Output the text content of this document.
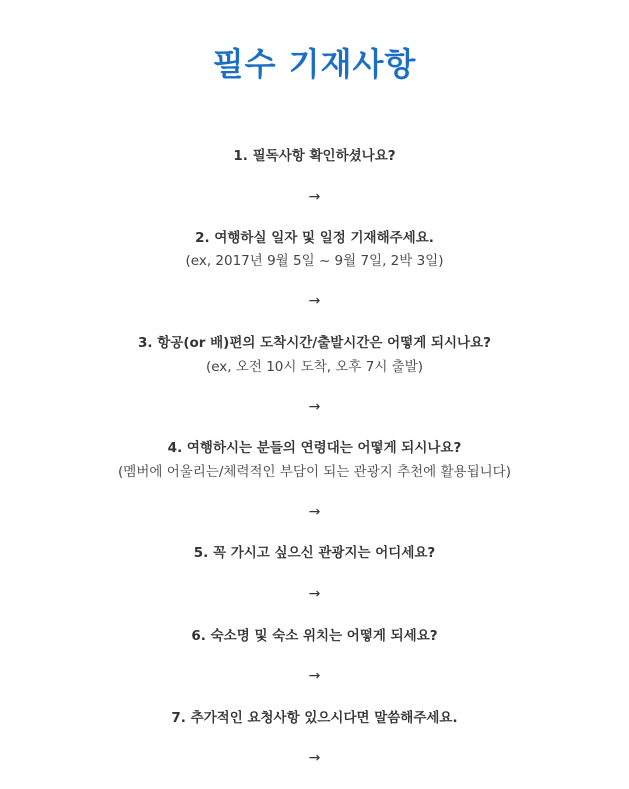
필수 기재사항
1. 필독사항 확인하셨나요?
→
2. 여행하실 일자 및 일정 기재해주세요.
(ex, 2017년 9월 5일 ~ 9월 7일, 2박 3일)
→
3. 항공(or 배)편의 도착시간/출발시간은 어떻게 되시나요?
(ex, 오전 10시 도착, 오후 7시 출발)
→
4. 여행하시는 분들의 연령대는 어떻게 되시나요?
(멤버에 어울리는/체력적인 부담이 되는 관광지 추천에 활용됩니다)
→
5. 꼭 가시고 싶으신 관광지는 어디세요?
→
6. 숙소명 및 숙소 위치는 어떻게 되세요?
→
7. 추가적인 요청사항 있으시다면 말씀해주세요.
→
